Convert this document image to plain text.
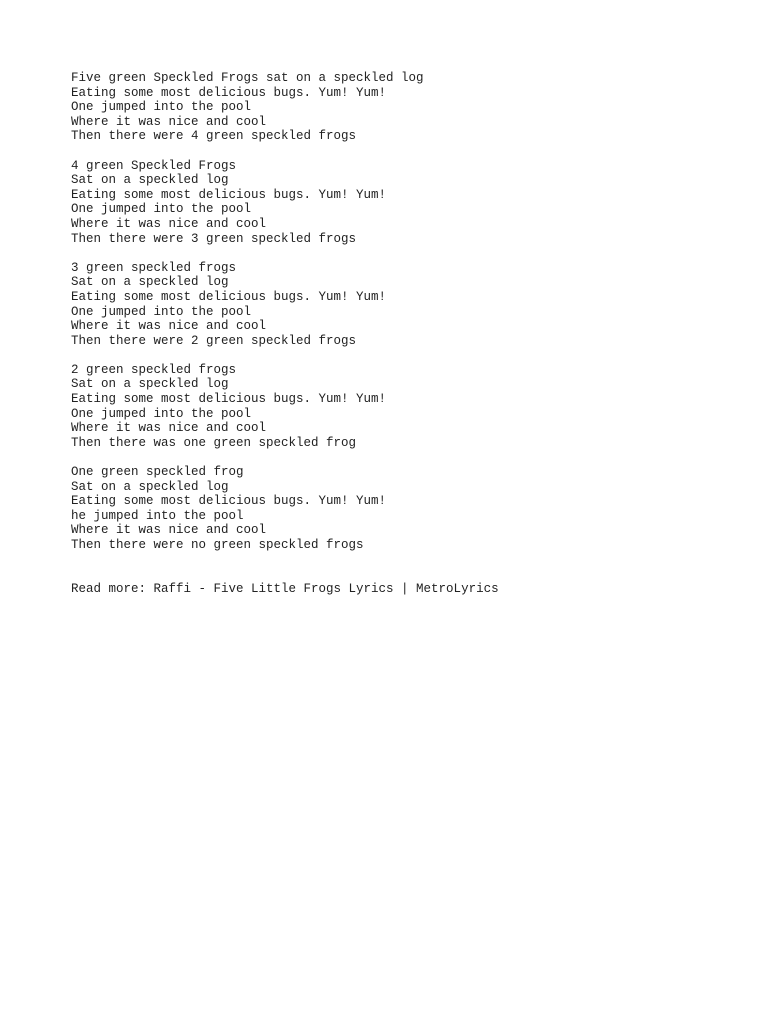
Five green Speckled Frogs sat on a speckled log
Eating some most delicious bugs. Yum! Yum!
One jumped into the pool
Where it was nice and cool
Then there were 4 green speckled frogs
4 green Speckled Frogs
Sat on a speckled log
Eating some most delicious bugs. Yum! Yum!
One jumped into the pool
Where it was nice and cool
Then there were 3 green speckled frogs
3 green speckled frogs
Sat on a speckled log
Eating some most delicious bugs. Yum! Yum!
One jumped into the pool
Where it was nice and cool
Then there were 2 green speckled frogs
2 green speckled frogs
Sat on a speckled log
Eating some most delicious bugs. Yum! Yum!
One jumped into the pool
Where it was nice and cool
Then there was one green speckled frog
One green speckled frog
Sat on a speckled log
Eating some most delicious bugs. Yum! Yum!
he jumped into the pool
Where it was nice and cool
Then there were no green speckled frogs
Read more: Raffi - Five Little Frogs Lyrics | MetroLyrics
